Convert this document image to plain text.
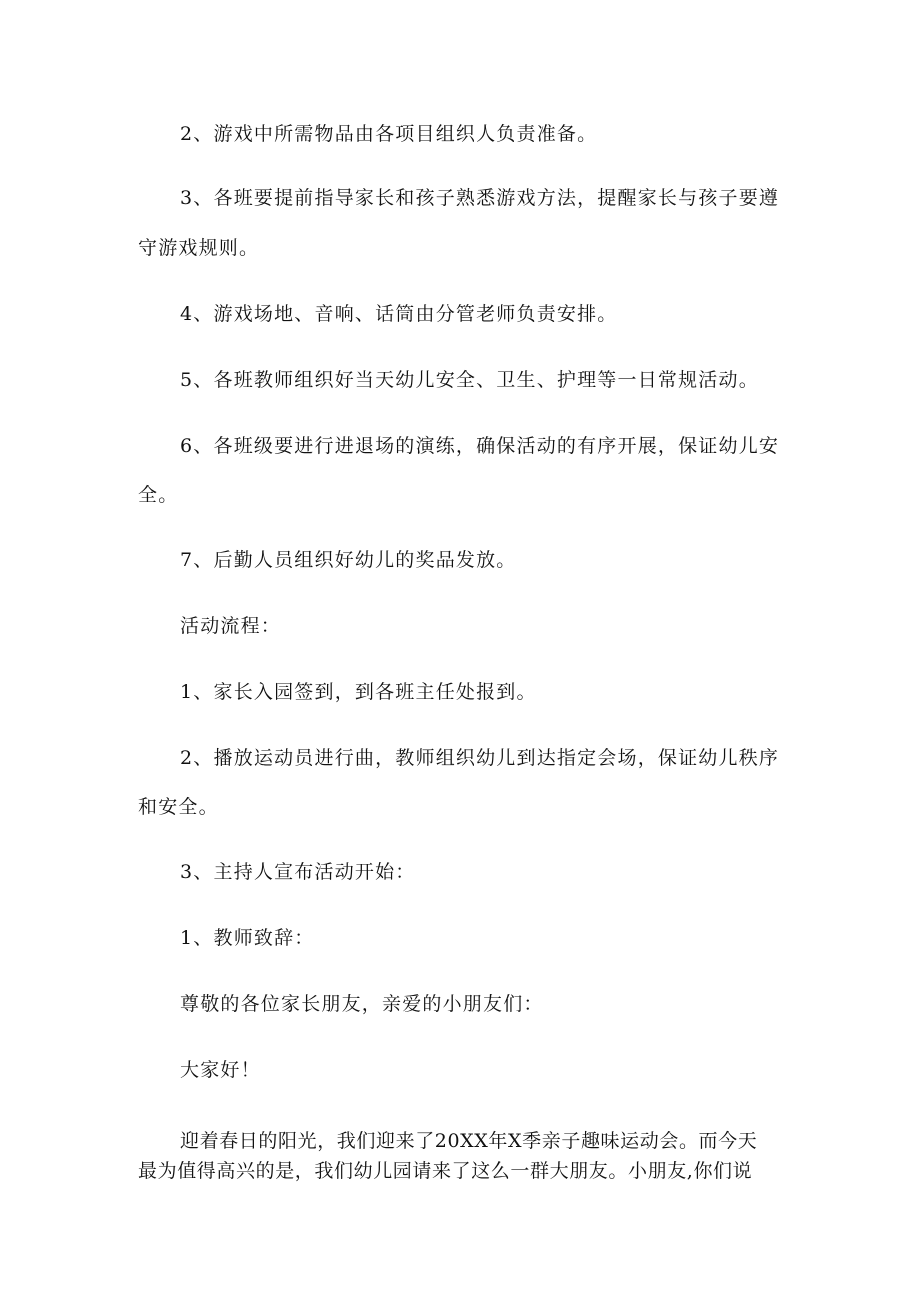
2、游戏中所需物品由各项目组织人负责准备。
3、各班要提前指导家长和孩子熟悉游戏方法，提醒家长与孩子要遵
守游戏规则。
4、游戏场地、音响、话筒由分管老师负责安排。
5、各班教师组织好当天幼儿安全、卫生、护理等一日常规活动。
6、各班级要进行进退场的演练，确保活动的有序开展，保证幼儿安
全。
7、后勤人员组织好幼儿的奖品发放。
活动流程：
1、家长入园签到，到各班主任处报到。
2、播放运动员进行曲，教师组织幼儿到达指定会场，保证幼儿秩序
和安全。
3、主持人宣布活动开始：
1、教师致辞：
尊敬的各位家长朋友，亲爱的小朋友们：
大家好！
迎着春日的阳光，我们迎来了20XX年X季亲子趣味运动会。而今天
最为值得高兴的是，我们幼儿园请来了这么一群大朋友。小朋友,你们说
